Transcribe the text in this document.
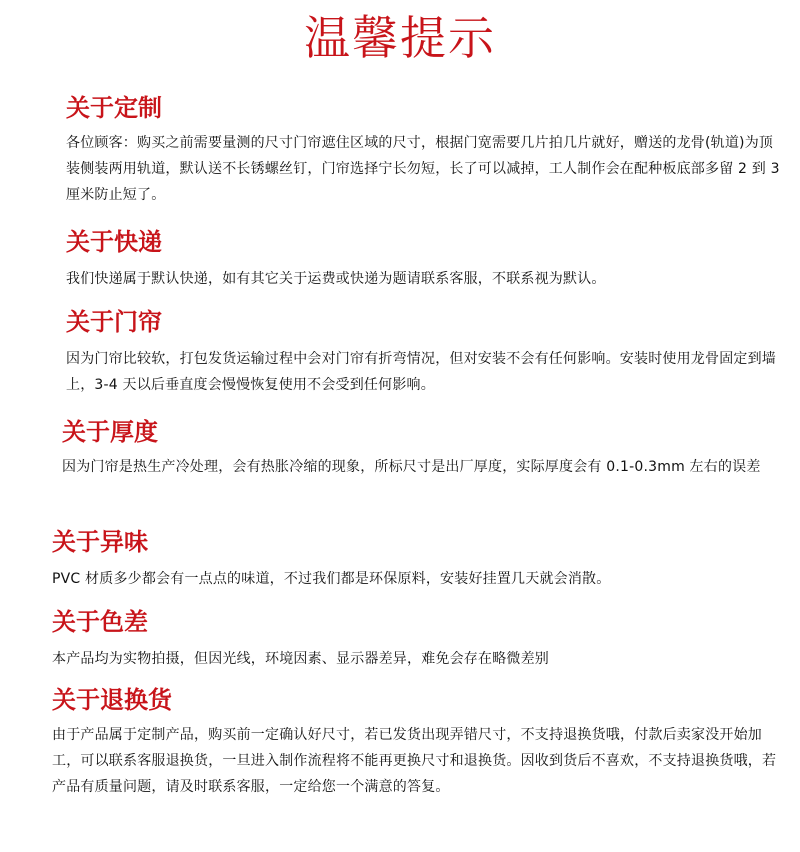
温馨提示
关于定制

各位顾客：购买之前需要量测的尺寸门帘遮住区域的尺寸，根据门宽需要几片拍几片就好，赠送的龙骨(轨道)为顶装侧装两用轨道，默认送不长锈螺丝钉，门帘选择宁长勿短，长了可以减掉，工人制作会在配种板底部多留 2 到 3 厘米防止短了。

关于快递

我们快递属于默认快递，如有其它关于运费或快递为题请联系客服，不联系视为默认。

关于门帘

因为门帘比较软，打包发货运输过程中会对门帘有折弯情况，但对安装不会有任何影响。安装时使用龙骨固定到墙上，3-4 天以后垂直度会慢慢恢复使用不会受到任何影响。

关于厚度

因为门帘是热生产冷处理，会有热胀冷缩的现象，所标尺寸是出厂厚度，实际厚度会有 0.1-0.3mm 左右的误差

关于异味

PVC 材质多少都会有一点点的味道，不过我们都是环保原料，安装好挂置几天就会消散。

关于色差

本产品均为实物拍摄，但因光线，环境因素、显示器差异，难免会存在略微差别

关于退换货

由于产品属于定制产品，购买前一定确认好尺寸，若已发货出现弄错尺寸，不支持退换货哦，付款后卖家没开始加工，可以联系客服退换货，一旦进入制作流程将不能再更换尺寸和退换货。因收到货后不喜欢，不支持退换货哦，若产品有质量问题，请及时联系客服，一定给您一个满意的答复。
